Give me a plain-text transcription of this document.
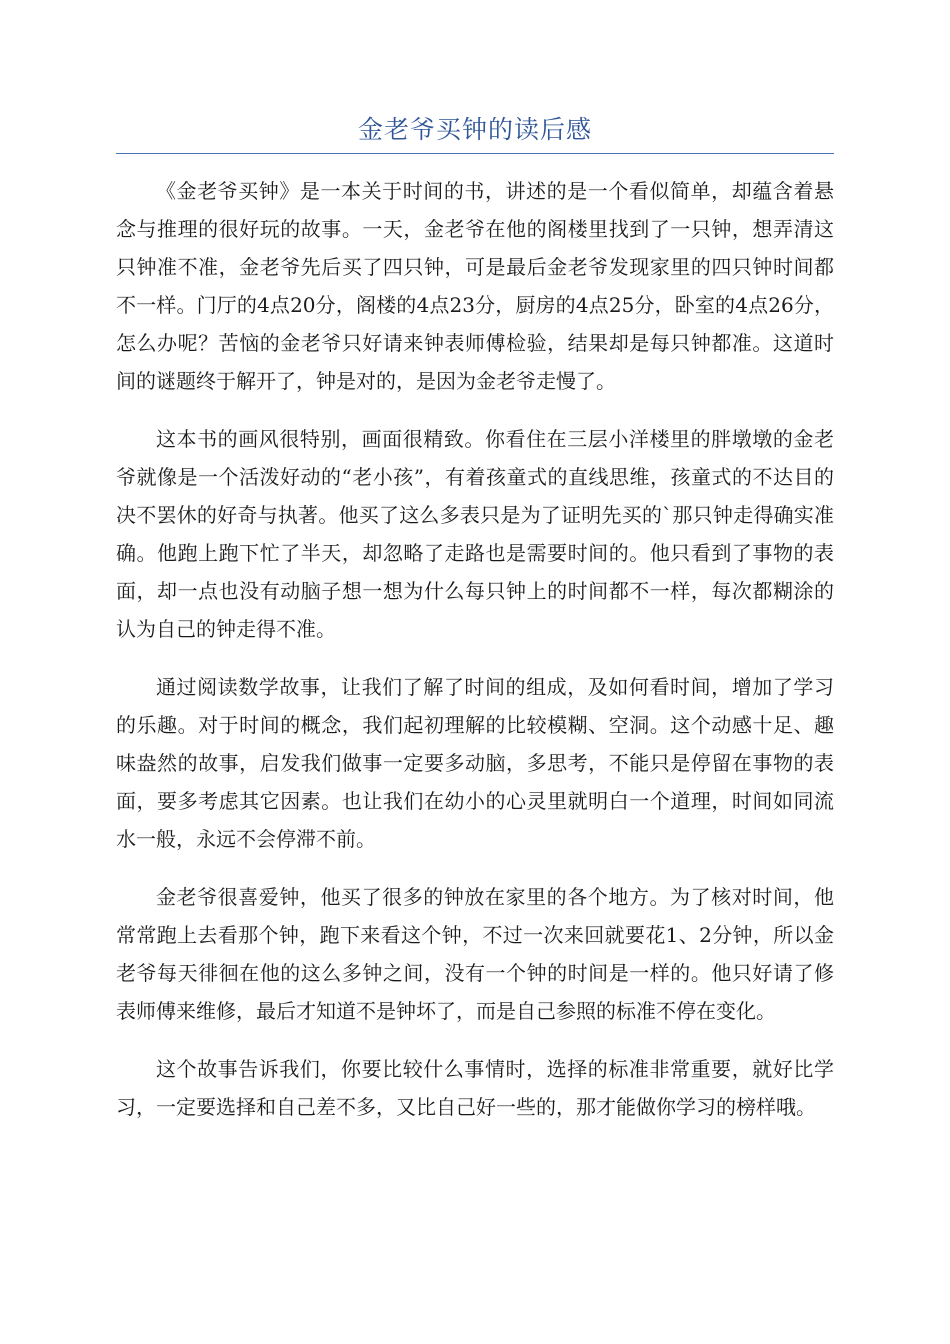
金老爷买钟的读后感

《金老爷买钟》是一本关于时间的书，讲述的是一个看似简单，却蕴含着悬念与推理的很好玩的故事。一天，金老爷在他的阁楼里找到了一只钟，想弄清这只钟准不准，金老爷先后买了四只钟，可是最后金老爷发现家里的四只钟时间都不一样。门厅的4点20分，阁楼的4点23分，厨房的4点25分，卧室的4点26分，怎么办呢？苦恼的金老爷只好请来钟表师傅检验，结果却是每只钟都准。这道时间的谜题终于解开了，钟是对的，是因为金老爷走慢了。

这本书的画风很特别，画面很精致。你看住在三层小洋楼里的胖墩墩的金老爷就像是一个活泼好动的“老小孩”，有着孩童式的直线思维，孩童式的不达目的决不罢休的好奇与执著。他买了这么多表只是为了证明先买的`那只钟走得确实准确。他跑上跑下忙了半天，却忽略了走路也是需要时间的。他只看到了事物的表面，却一点也没有动脑子想一想为什么每只钟上的时间都不一样，每次都糊涂的认为自己的钟走得不准。

通过阅读数学故事，让我们了解了时间的组成，及如何看时间，增加了学习的乐趣。对于时间的概念，我们起初理解的比较模糊、空洞。这个动感十足、趣味盎然的故事，启发我们做事一定要多动脑，多思考，不能只是停留在事物的表面，要多考虑其它因素。也让我们在幼小的心灵里就明白一个道理，时间如同流水一般，永远不会停滞不前。

金老爷很喜爱钟，他买了很多的钟放在家里的各个地方。为了核对时间，他常常跑上去看那个钟，跑下来看这个钟，不过一次来回就要花1、2分钟，所以金老爷每天徘徊在他的这么多钟之间，没有一个钟的时间是一样的。他只好请了修表师傅来维修，最后才知道不是钟坏了，而是自己参照的标准不停在变化。

这个故事告诉我们，你要比较什么事情时，选择的标准非常重要，就好比学习，一定要选择和自己差不多，又比自己好一些的，那才能做你学习的榜样哦。
